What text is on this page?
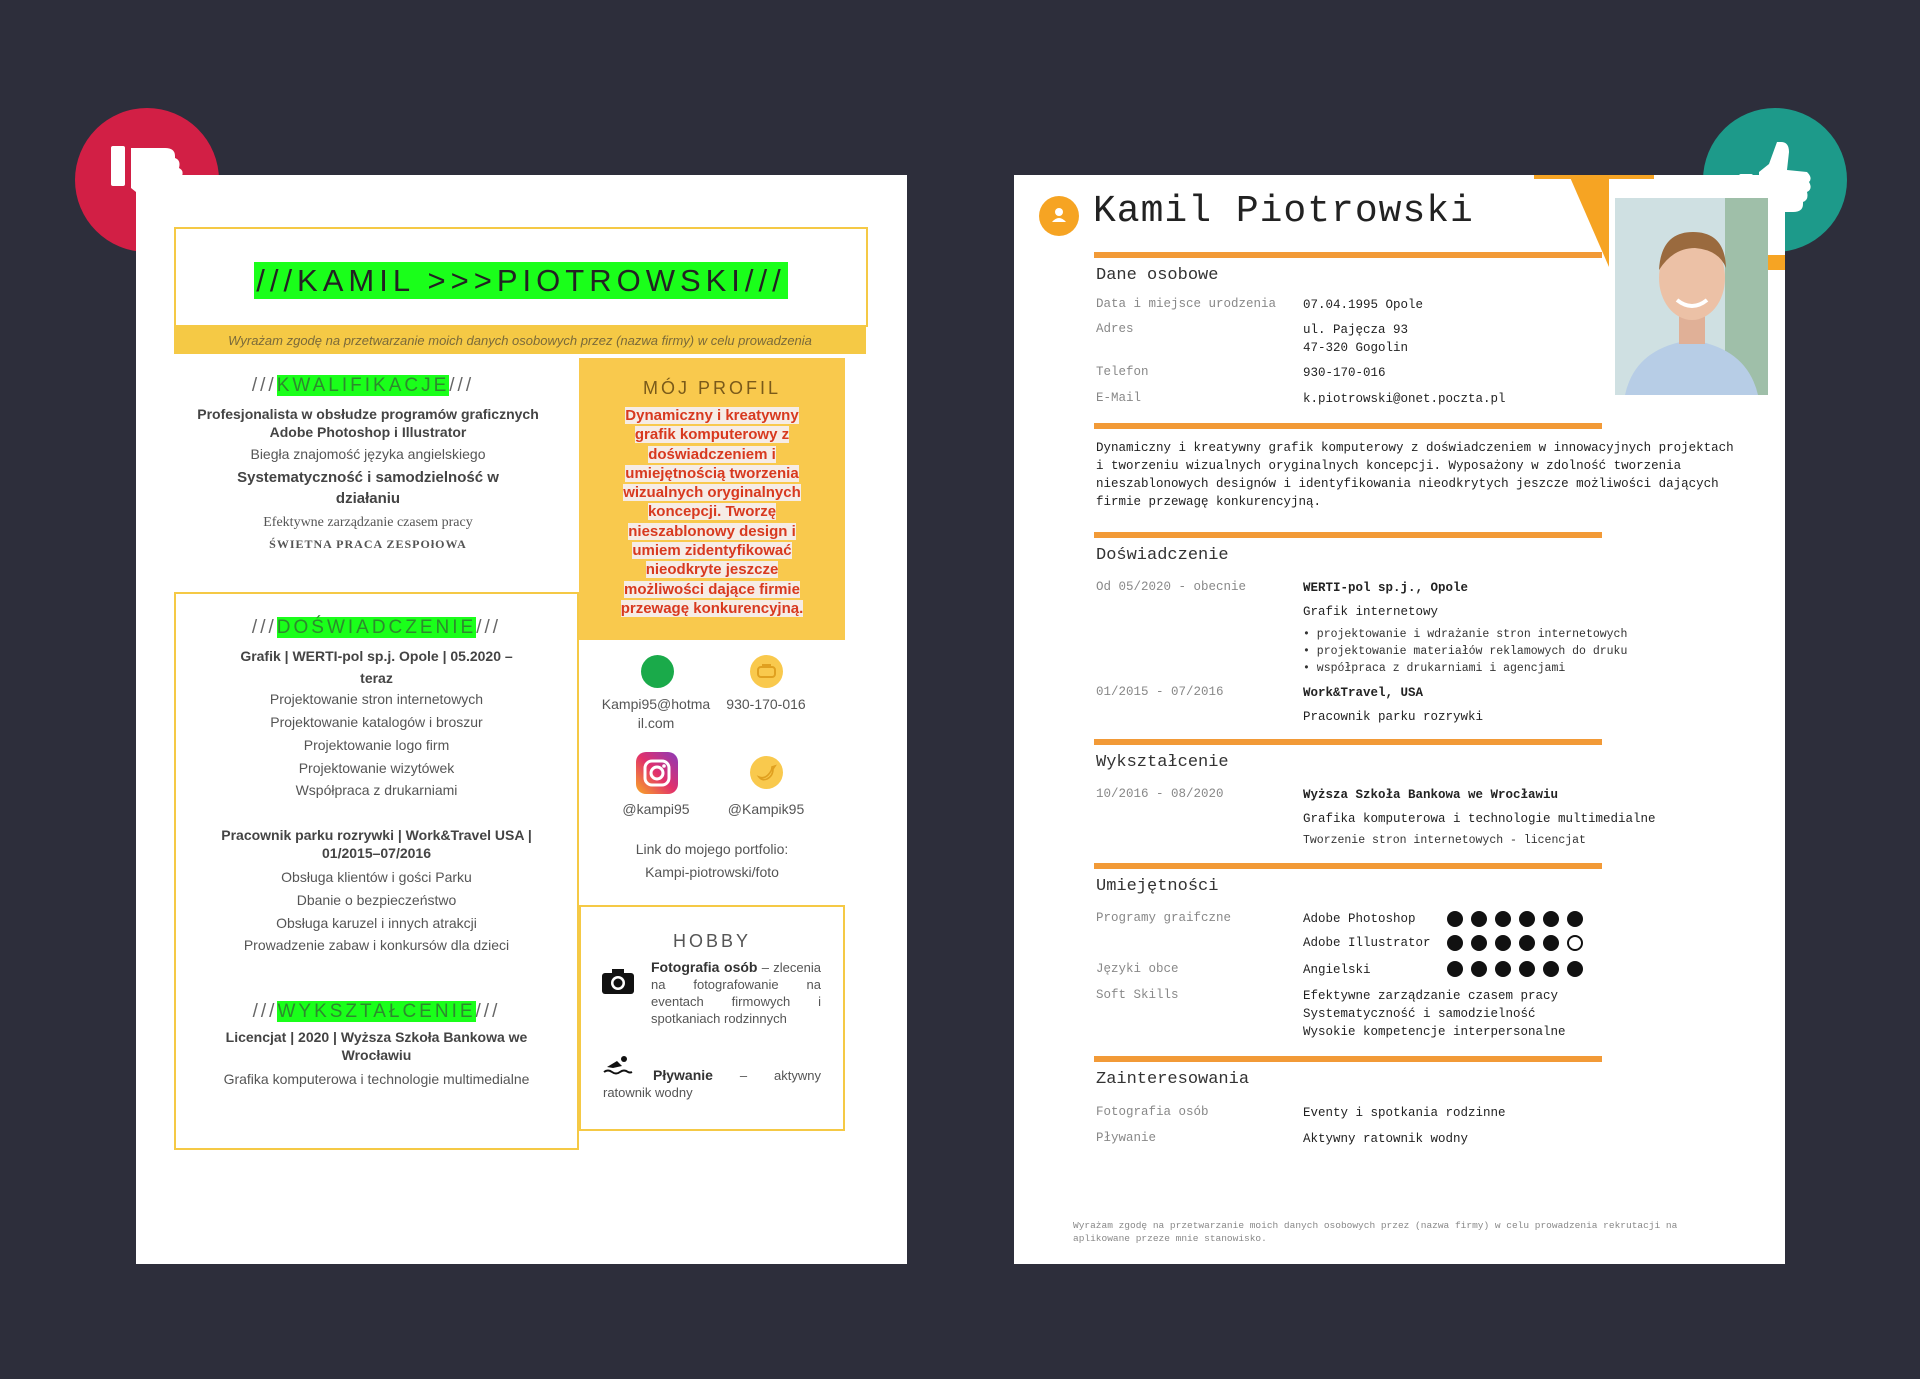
///KAMIL >>>PIOTROWSKI///
Wyrażam zgodę na przetwarzanie moich danych osobowych przez (nazwa firmy) w celu prowadzenia
///KWALIFIKACJE///
Profesjonalista w obsłudze programów graficznych Adobe Photoshop i Illustrator
Biegła znajomość języka angielskiego
Systematyczność i samodzielność w działaniu
Efektywne zarządzanie czasem pracy
ŚWIETNA PRACA ZESPOłOWA
MÓJ PROFIL
Dynamiczny i kreatywny grafik komputerowy z doświadczeniem i umiejętnością tworzenia wizualnych oryginalnych koncepcji. Tworzę nieszablonowy design i umiem zidentyfikować nieodkryte jeszcze możliwości dające firmie przewagę konkurencyjną.
///DOŚWIADCZENIE///
Grafik | WERTI-pol sp.j. Opole | 05.2020 – teraz
Projektowanie stron internetowych
Projektowanie katalogów i broszur
Projektowanie logo firm
Projektowanie wizytówek
Współpraca z drukarniami
Pracownik parku rozrywki | Work&Travel USA | 01/2015–07/2016
Obsługa klientów i gości Parku
Dbanie o bezpieczeństwo
Obsługa karuzel i innych atrakcji
Prowadzenie zabaw i konkursów dla dzieci
///WYKSZTAŁCENIE///
Licencjat | 2020 | Wyższa Szkoła Bankowa we Wrocławiu
Grafika komputerowa i technologie multimedialne
Kampi95@hotmail.com
930-170-016
@kampi95	@Kampik95
Link do mojego portfolio:
Kampi-piotrowski/foto
HOBBY
Fotografia osób – zlecenia na fotografowanie na eventach firmowych i spotkaniach rodzinnych
Pływanie – aktywny ratownik wodny
Kamil Piotrowski
Dane osobowe
Data i miejsce urodzenia 07.04.1995 Opole
Adres	ul. Pajęcza 93
47-320 Gogolin
Telefon	930-170-016
E-Mail	k.piotrowski@onet.poczta.pl
Dynamiczny i kreatywny grafik komputerowy z doświadczeniem w innowacyjnych projektach i tworzeniu wizualnych oryginalnych koncepcji. Wyposażony w zdolność tworzenia nieszablonowych designów i identyfikowania nieodkrytych jeszcze możliwości dających firmie przewagę konkurencyjną.
Doświadczenie
Od 05/2020 - obecnie	WERTI-pol sp.j., Opole
Grafik internetowy
• projektowanie i wdrażanie stron internetowych
• projektowanie materiałów reklamowych do druku
• współpraca z drukarniami i agencjami
01/2015 - 07/2016	Work&Travel, USA
Pracownik parku rozrywki
Wykształcenie
10/2016 - 08/2020	Wyższa Szkoła Bankowa we Wrocławiu
Grafika komputerowa i technologie multimedialne
Tworzenie stron internetowych - licencjat
Umiejętności
Programy graifczne	Adobe Photoshop
Adobe Illustrator
Języki obce	Angielski
Soft Skills	Efektywne zarządzanie czasem pracy
Systematyczność i samodzielność
Wysokie kompetencje interpersonalne
Zainteresowania
Fotografia osób	Eventy i spotkania rodzinne
Pływanie	Aktywny ratownik wodny
Wyrażam zgodę na przetwarzanie moich danych osobowych przez (nazwa firmy) w celu prowadzenia rekrutacji na aplikowane przeze mnie stanowisko.
